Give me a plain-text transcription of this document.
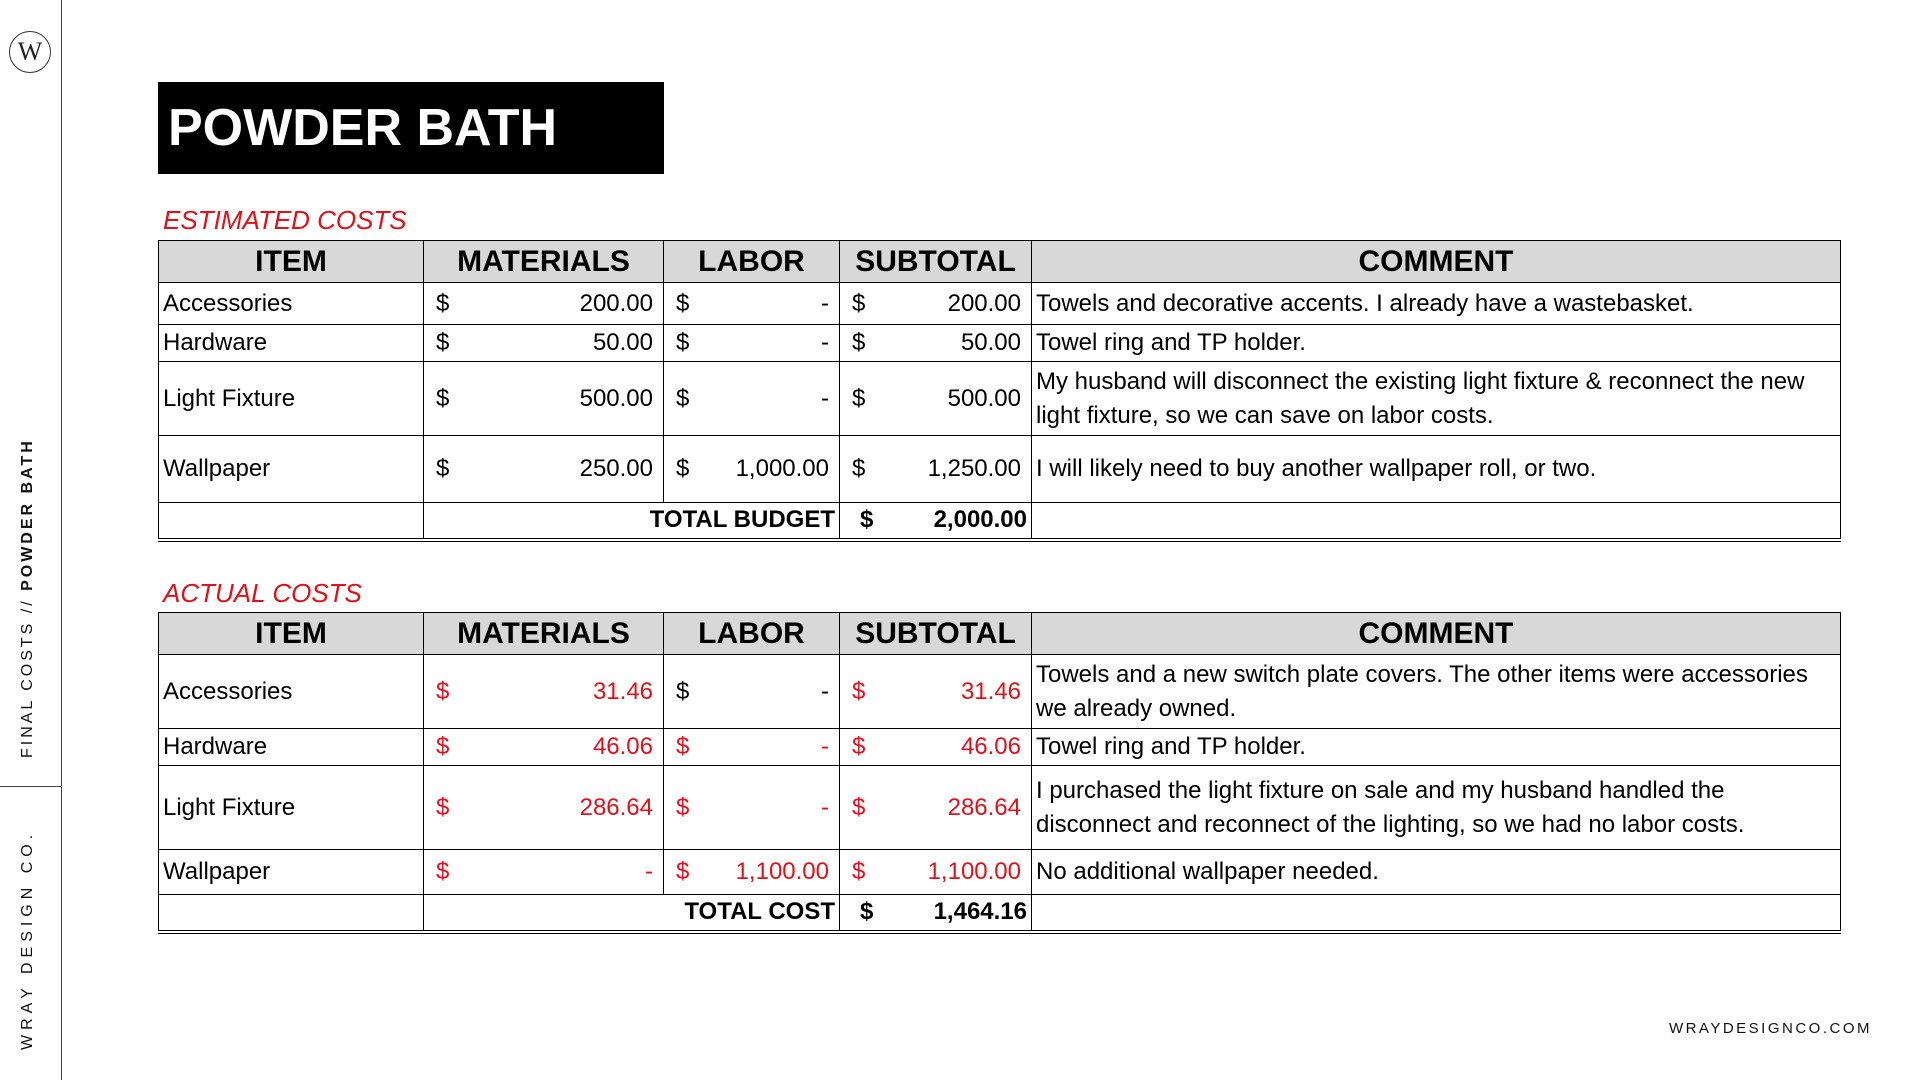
W
FINAL COSTS // POWDER BATH
WRAY DESIGN CO.	WRAYDESIGNCO.COM
POWDER BATH
ESTIMATED COSTS
ITEM	MATERIALS	LABOR	SUBTOTAL	COMMENT
Accessories	$ 200.00	$ -	$ 200.00	Towels and decorative accents. I already have a wastebasket.
Hardware	$ 50.00	$ -	$ 50.00	Towel ring and TP holder.
Light Fixture	$ 500.00	$ -	$ 500.00	My husband will disconnect the existing light fixture & reconnect the new light fixture, so we can save on labor costs.
Wallpaper	$ 250.00	$ 1,000.00	$ 1,250.00	I will likely need to buy another wallpaper roll, or two.
	TOTAL BUDGET		$ 2,000.00	

ACTUAL COSTS
ITEM	MATERIALS	LABOR	SUBTOTAL	COMMENT
Accessories	$ 31.46	$ -	$ 31.46	Towels and a new switch plate covers. The other items were accessories we already owned.
Hardware	$ 46.06	$ -	$ 46.06	Towel ring and TP holder.
Light Fixture	$ 286.64	$ -	$ 286.64	I purchased the light fixture on sale and my husband handled the disconnect and reconnect of the lighting, so we had no labor costs.
Wallpaper	$ -	$ 1,100.00	$ 1,100.00	No additional wallpaper needed.
	TOTAL COST		$ 1,464.16	
